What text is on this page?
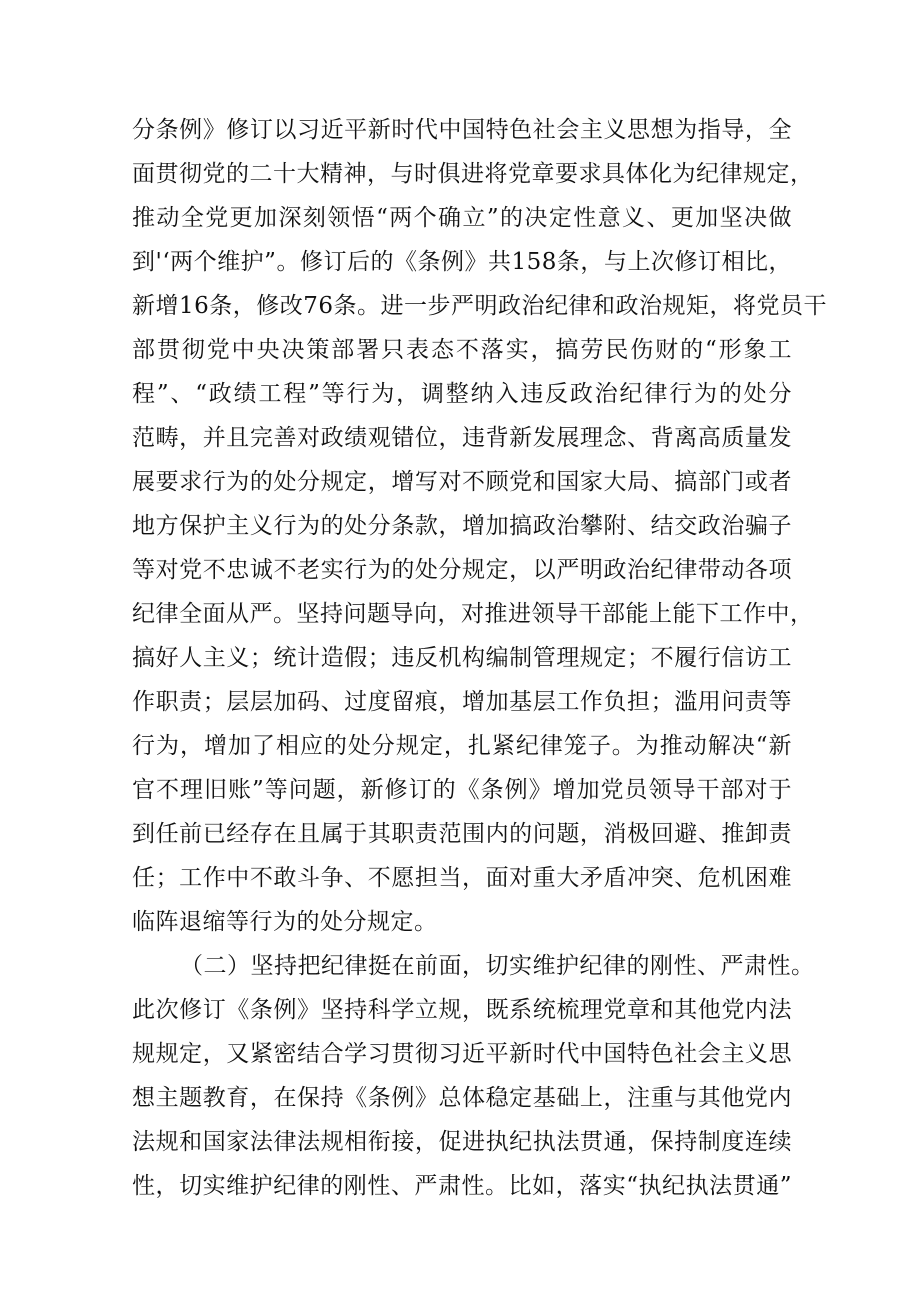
分条例》修订以习近平新时代中国特色社会主义思想为指导，全
面贯彻党的二十大精神，与时俱进将党章要求具体化为纪律规定，
推动全党更加深刻领悟“两个确立”的决定性意义、更加坚决做
到'‘两个维护”。修订后的《条例》共158条，与上次修订相比，
新增16条，修改76条。进一步严明政治纪律和政治规矩，将党员干
部贯彻党中央决策部署只表态不落实，搞劳民伤财的“形象工
程”、“政绩工程”等行为，调整纳入违反政治纪律行为的处分
范畴，并且完善对政绩观错位，违背新发展理念、背离高质量发
展要求行为的处分规定，增写对不顾党和国家大局、搞部门或者
地方保护主义行为的处分条款，增加搞政治攀附、结交政治骗子
等对党不忠诚不老实行为的处分规定，以严明政治纪律带动各项
纪律全面从严。坚持问题导向，对推进领导干部能上能下工作中，
搞好人主义；统计造假；违反机构编制管理规定；不履行信访工
作职责；层层加码、过度留痕，增加基层工作负担；滥用问责等
行为，增加了相应的处分规定，扎紧纪律笼子。为推动解决“新
官不理旧账”等问题，新修订的《条例》增加党员领导干部对于
到任前已经存在且属于其职责范围内的问题，消极回避、推卸责
任；工作中不敢斗争、不愿担当，面对重大矛盾冲突、危机困难
临阵退缩等行为的处分规定。
（二）坚持把纪律挺在前面，切实维护纪律的刚性、严肃性。
此次修订《条例》坚持科学立规，既系统梳理党章和其他党内法
规规定，又紧密结合学习贯彻习近平新时代中国特色社会主义思
想主题教育，在保持《条例》总体稳定基础上，注重与其他党内
法规和国家法律法规相衔接，促进执纪执法贯通，保持制度连续
性，切实维护纪律的刚性、严肃性。比如，落实“执纪执法贯通”
